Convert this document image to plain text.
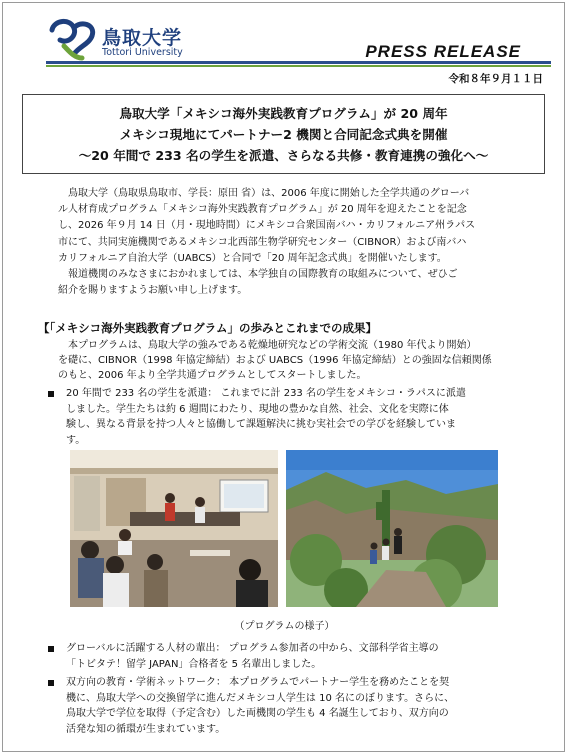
鳥取大学
Tottori University	PRESS RELEASE
令和８年９月１１日
鳥取大学「メキシコ海外実践教育プログラム」が 20 周年
メキシコ現地にてパートナー2 機関と合同記念式典を開催
〜20 年間で 233 名の学生を派遣、さらなる共修・教育連携の強化へ〜
鳥取大学（鳥取県鳥取市、学長：原田 省）は、2006 年度に開始した全学共通のグローバ
ル人材育成プログラム「メキシコ海外実践教育プログラム」が 20 周年を迎えたことを記念
し、2026 年９月 14 日（月・現地時間）にメキシコ合衆国南バハ・カリフォルニア州ラパス
市にて、共同実施機関であるメキシコ北西部生物学研究センター（CIBNOR）および南バハ
カリフォルニア自治大学（UABCS）と合同で「20 周年記念式典」を開催いたします。
報道機関のみなさまにおかれましては、本学独自の国際教育の取組みについて、ぜひご
紹介を賜りますようお願い申し上げます。
【「メキシコ海外実践教育プログラム」の歩みとこれまでの成果】
本プログラムは、鳥取大学の強みである乾燥地研究などの学術交流（1980 年代より開始）
を礎に、CIBNOR（1998 年協定締結）および UABCS（1996 年協定締結）との強固な信頼関係
のもと、2006 年より全学共通プログラムとしてスタートしました。
20 年間で 233 名の学生を派遣： これまでに計 233 名の学生をメキシコ・ラパスに派遣
しました。学生たちは約 6 週間にわたり、現地の豊かな自然、社会、文化を実際に体
験し、異なる背景を持つ人々と協働して課題解決に挑む実社会での学びを経験していま
す。
（プログラムの様子）
グローバルに活躍する人材の輩出： プログラム参加者の中から、文部科学省主導の
「トビタテ！留学 JAPAN」合格者を 5 名輩出しました。
双方向の教育・学術ネットワーク： 本プログラムでパートナー学生を務めたことを契
機に、鳥取大学への交換留学に進んだメキシコ人学生は 10 名にのぼります。さらに、
鳥取大学で学位を取得（予定含む）した両機関の学生も 4 名誕生しており、双方向の
活発な知の循環が生まれています。
